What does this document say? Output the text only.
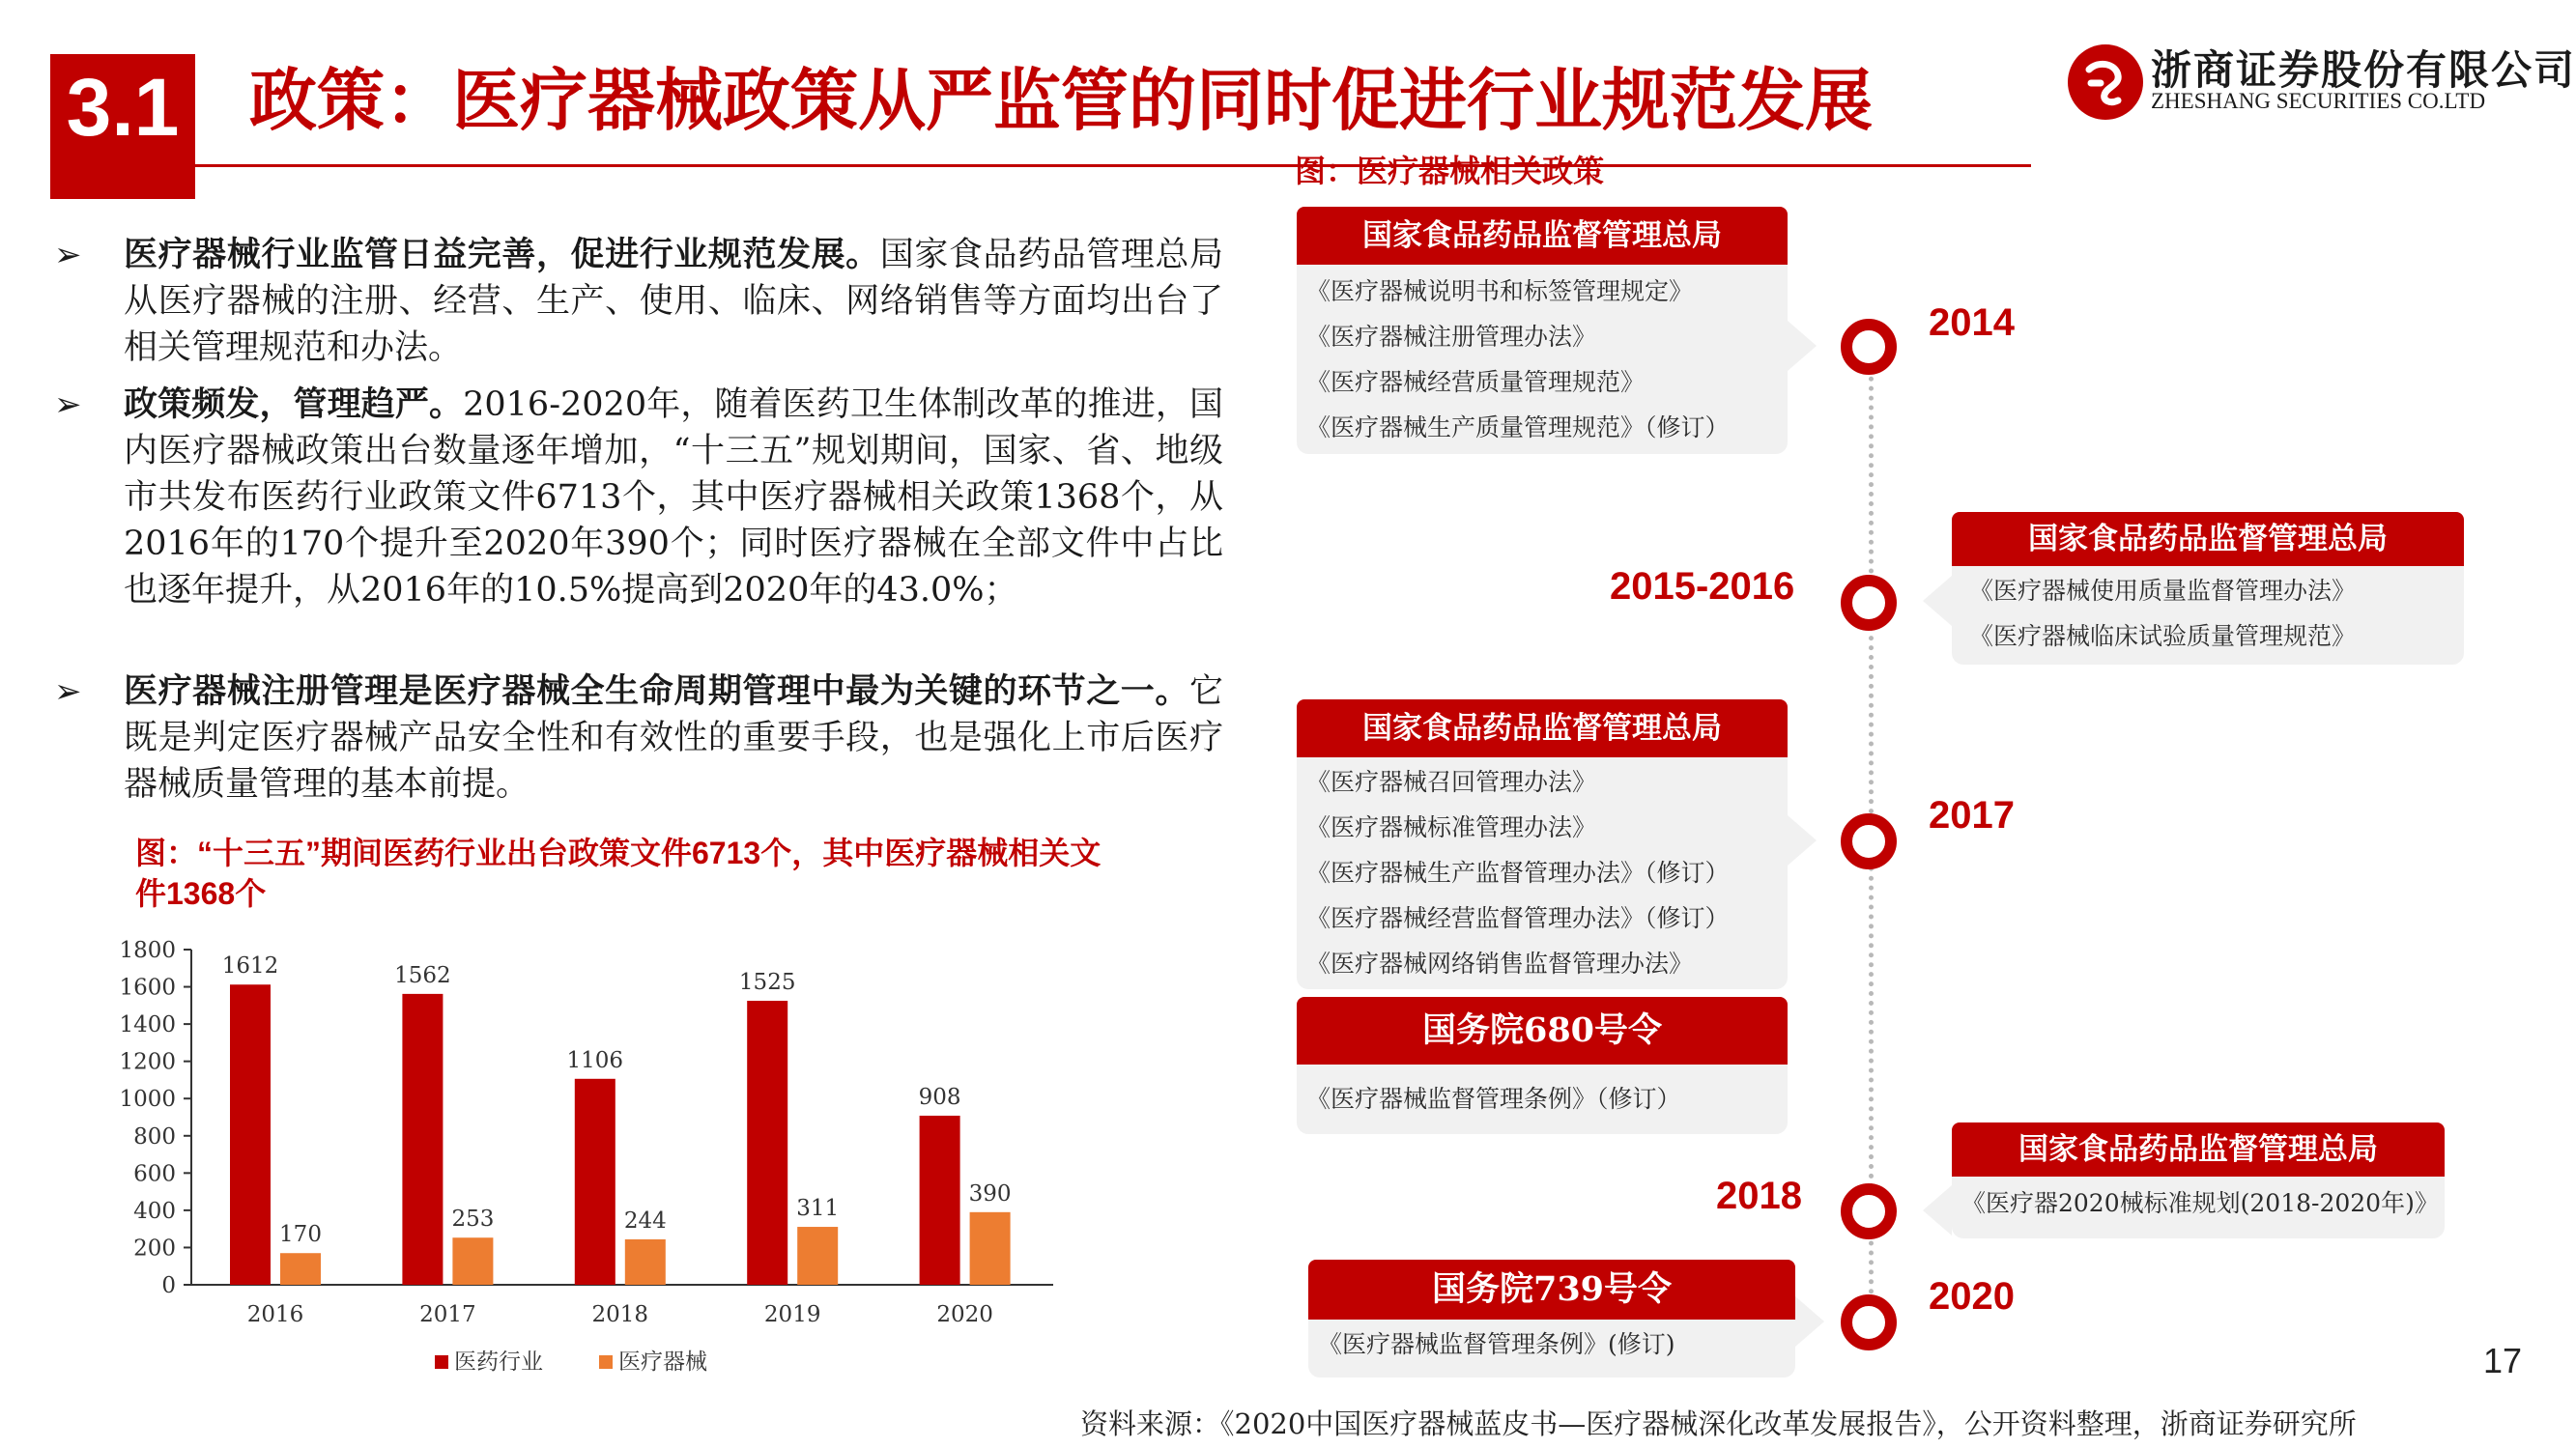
3.1 政策：医疗器械政策从严监管的同时促进行业规范发展	浙商证券股份有限公司
ZHESHANG SECURITIES CO.LTD
➢	医疗器械行业监管日益完善，促进行业规范发展。国家食品药品管理总局从医疗器械的注册、经营、生产、使用、临床、网络销售等方面均出台了相关管理规范和办法。
➢	政策频发，管理趋严。2016-2020年，随着医药卫生体制改革的推进，国内医疗器械政策出台数量逐年增加，“十三五”规划期间，国家、省、地级市共发布医药行业政策文件6713个，其中医疗器械相关政策1368个，从2016年的170个提升至2020年390个；同时医疗器械在全部文件中占比也逐年提升，从2016年的10.5%提高到2020年的43.0%；
➢	医疗器械注册管理是医疗器械全生命周期管理中最为关键的环节之一。它既是判定医疗器械产品安全性和有效性的重要手段，也是强化上市后医疗器械质量管理的基本前提。
图：“十三五”期间医药行业出台政策文件6713个，其中医疗器械相关文件1368个
0
200
400
600
800
1000
1200
1400
1600
1800
1612
170
2016
1562
253
2017
1106
244
2018
1525
311
2019
908
390
2020
医药行业	医疗器械
图：医疗器械相关政策
2014
2015-2016
2017
2018
2020
国家食品药品监督管理总局
《医疗器械说明书和标签管理规定》
《医疗器械注册管理办法》
《医疗器械经营质量管理规范》
《医疗器械生产质量管理规范》（修订）
国家食品药品监督管理总局
《医疗器械使用质量监督管理办法》
《医疗器械临床试验质量管理规范》
国家食品药品监督管理总局
《医疗器械召回管理办法》
《医疗器械标准管理办法》
《医疗器械生产监督管理办法》（修订）
《医疗器械经营监督管理办法》（修订）
《医疗器械网络销售监督管理办法》
国务院680号令
《医疗器械监督管理条例》（修订）
国家食品药品监督管理总局
《医疗器2020械标准规划(2018-2020年)》
国务院739号令
《医疗器械监督管理条例》(修订)	17
资料来源：《2020中国医疗器械蓝皮书—医疗器械深化改革发展报告》，公开资料整理，浙商证券研究所
